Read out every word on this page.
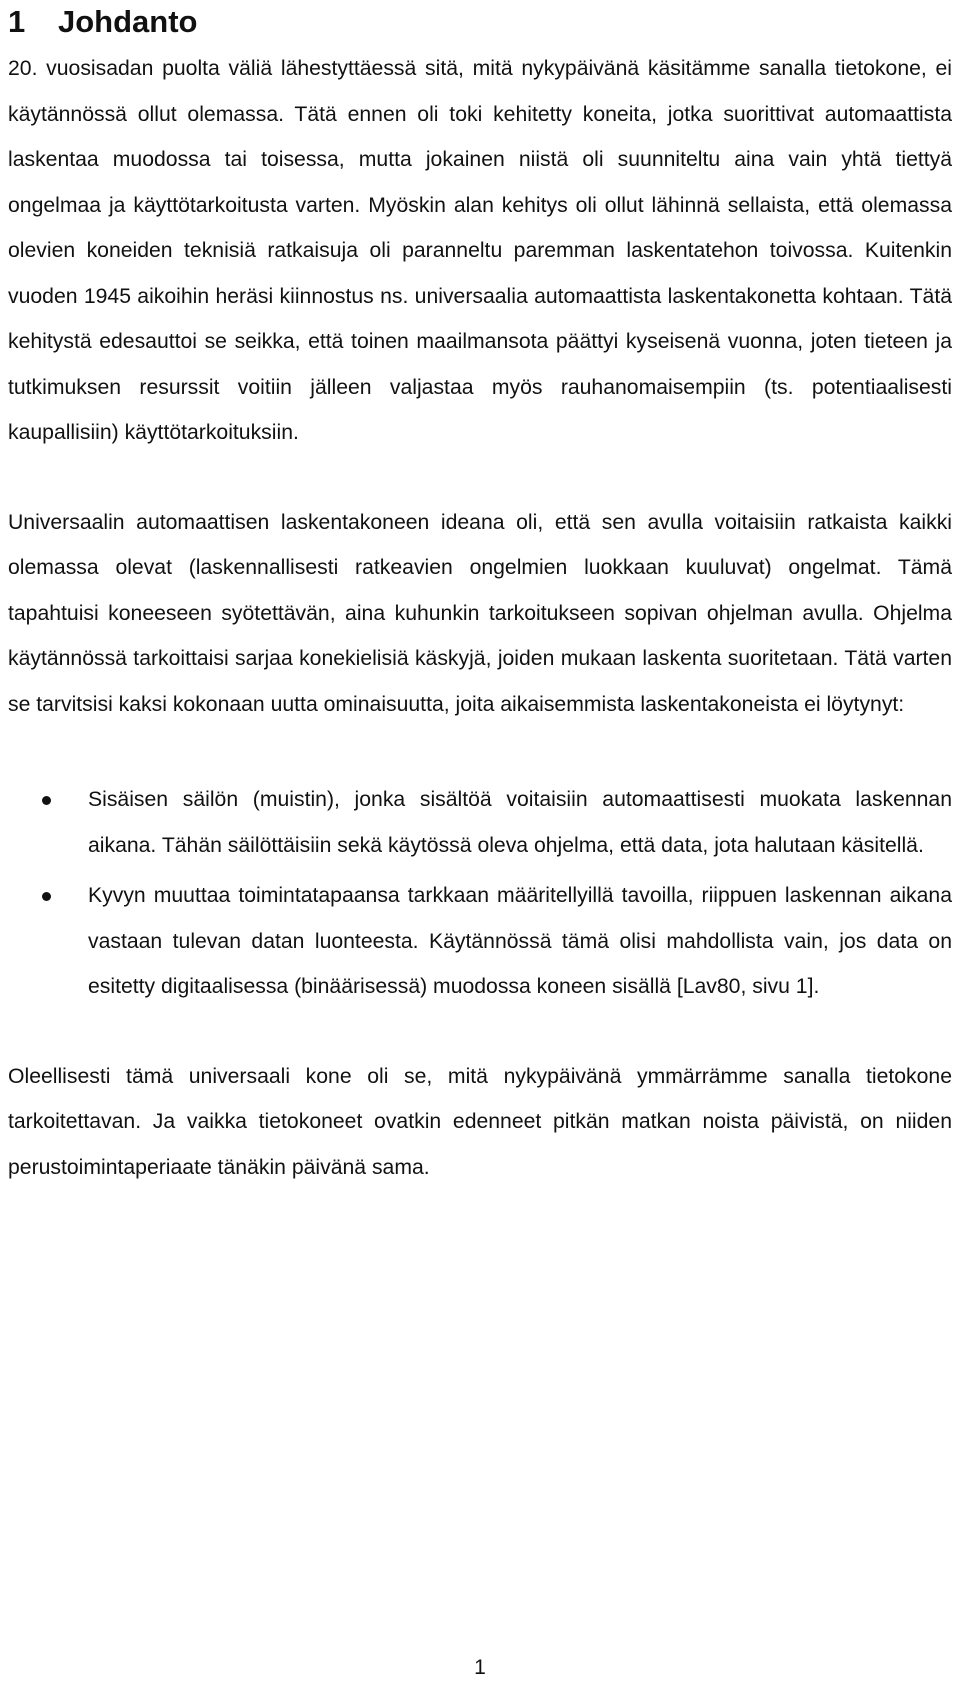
1	Johdanto

20. vuosisadan puolta väliä lähestyttäessä sitä, mitä nykypäivänä käsitämme sanalla tietokone, ei käytännössä ollut olemassa. Tätä ennen oli toki kehitetty koneita, jotka suorittivat automaattista laskentaa muodossa tai toisessa, mutta jokainen niistä oli suunniteltu aina vain yhtä tiettyä ongelmaa ja käyttötarkoitusta varten. Myöskin alan kehitys oli ollut lähinnä sellaista, että olemassa olevien koneiden teknisiä ratkaisuja oli paranneltu paremman laskentatehon toivossa. Kuitenkin vuoden 1945 aikoihin heräsi kiinnostus ns. universaalia automaattista laskentakonetta kohtaan. Tätä kehitystä edesauttoi se seikka, että toinen maailmansota päättyi kyseisenä vuonna, joten tieteen ja tutkimuksen resurssit voitiin jälleen valjastaa myös rauhanomaisempiin (ts. potentiaalisesti kaupallisiin) käyttötarkoituksiin.

Universaalin automaattisen laskentakoneen ideana oli, että sen avulla voitaisiin ratkaista kaikki olemassa olevat (laskennallisesti ratkeavien ongelmien luokkaan kuuluvat) ongelmat. Tämä tapahtuisi koneeseen syötettävän, aina kuhunkin tarkoitukseen sopivan ohjelman avulla. Ohjelma käytännössä tarkoittaisi sarjaa konekielisiä käskyjä, joiden mukaan laskenta suoritetaan. Tätä varten se tarvitsisi kaksi kokonaan uutta ominaisuutta, joita aikaisemmista laskentakoneista ei löytynyt:

Sisäisen säilön (muistin), jonka sisältöä voitaisiin automaattisesti muokata laskennan aikana. Tähän säilöttäisiin sekä käytössä oleva ohjelma, että data, jota halutaan käsitellä.
Kyvyn muuttaa toimintatapaansa tarkkaan määritellyillä tavoilla, riippuen laskennan aikana vastaan tulevan datan luonteesta. Käytännössä tämä olisi mahdollista vain, jos data on esitetty digitaalisessa (binäärisessä) muodossa koneen sisällä [Lav80, sivu 1].

Oleellisesti tämä universaali kone oli se, mitä nykypäivänä ymmärrämme sanalla tietokone tarkoitettavan. Ja vaikka tietokoneet ovatkin edenneet pitkän matkan noista päivistä, on niiden perustoimintaperiaate tänäkin päivänä sama.

1
